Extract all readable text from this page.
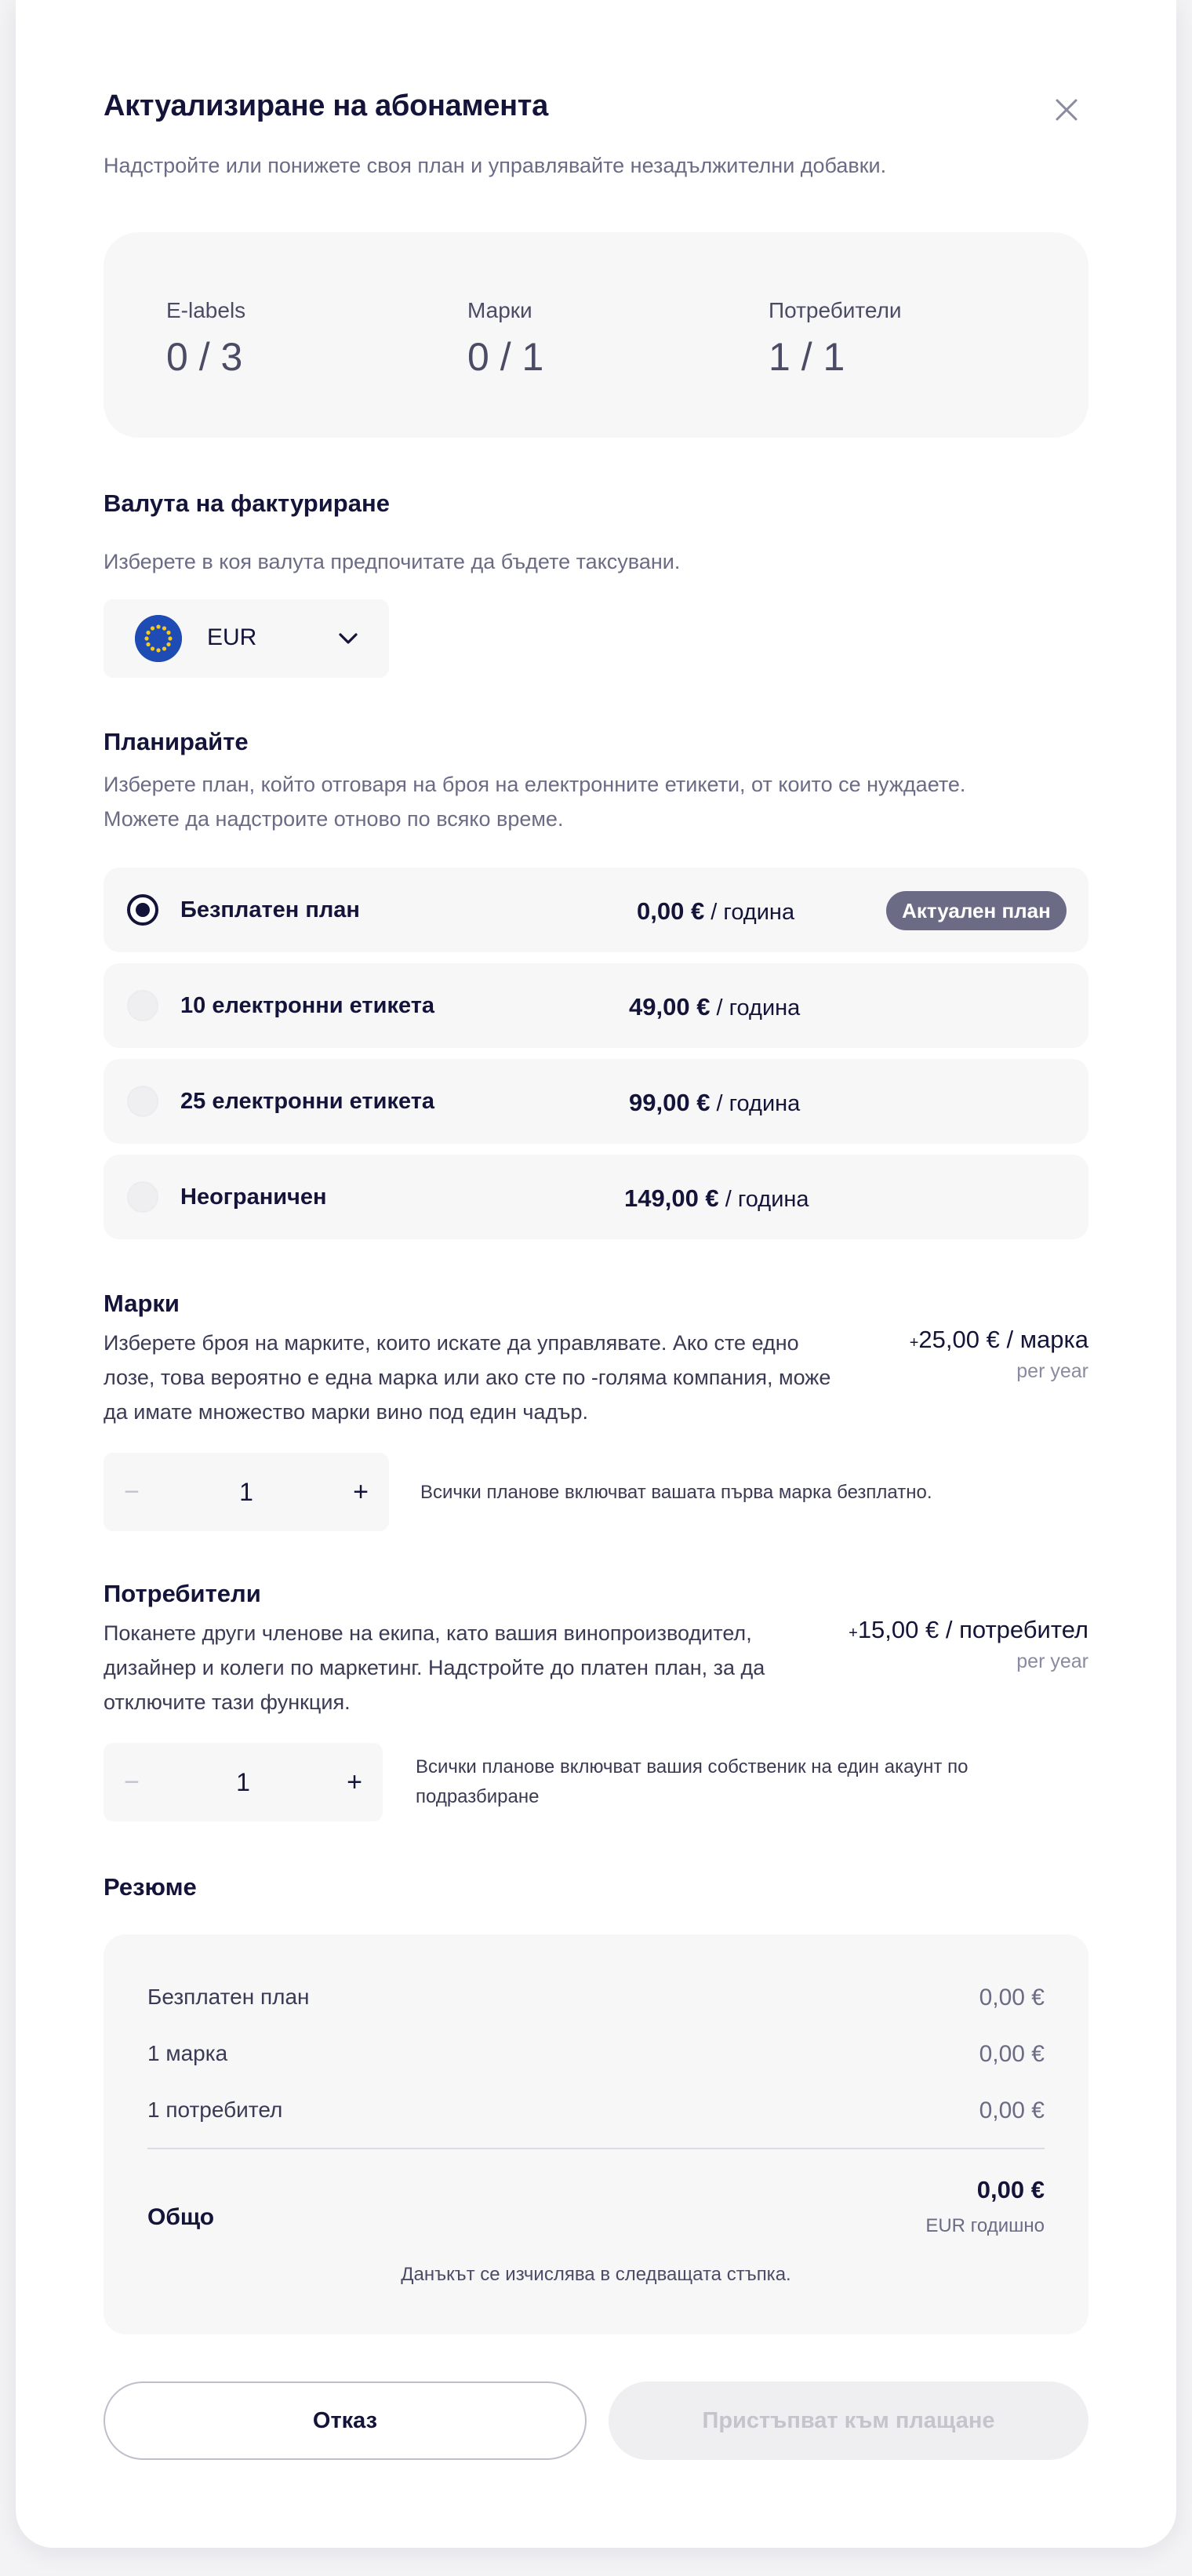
Актуализиране на абонамента
Надстройте или понижете своя план и управлявайте незадължителни добавки.
E-labels
0 / 3
Марки
0 / 1
Потребители
1 / 1
Валута на фактуриране
Изберете в коя валута предпочитате да бъдете таксувани.
EUR
Планирайте
Изберете план, който отговаря на броя на електронните етикети, от които се нуждаете.
Можете да надстроите отново по всяко време.
Безплатен план	0,00 € / година	Актуален план
10 електронни етикета	49,00 € / година
25 електронни етикета	99,00 € / година
Неограничен	149,00 € / година
Марки
Изберете броя на марките, които искате да управлявате. Ако сте едно
лозе, това вероятно е една марка или ако сте по -голяма компания, може
да имате множество марки вино под един чадър.
+25,00 € / марка
per year
−	1	+	Всички планове включват вашата първа марка безплатно.
Потребители
Поканете други членове на екипа, като вашия винопроизводител,
дизайнер и колеги по маркетинг. Надстройте до платен план, за да
отключите тази функция.
+15,00 € / потребител
per year
−	1	+	Всички планове включват вашия собственик на един акаунт по
подразбиране
Резюме
Безплатен план	0,00 €
1 марка	0,00 €
1 потребител	0,00 €
Общо
0,00 €
EUR годишно
Данъкът се изчислява в следващата стъпка.
Отказ	Пристъпват към плащане
